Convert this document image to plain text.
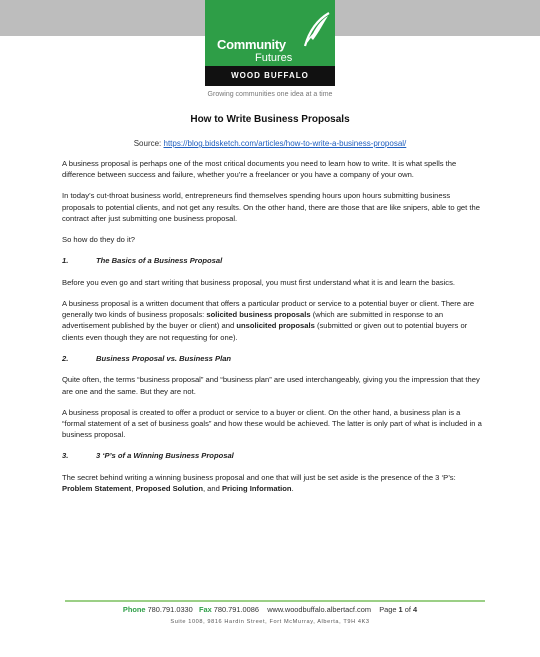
Community
Futures
WOOD BUFFALO
Growing communities one idea at a time
How to Write Business Proposals
Source: https://blog.bidsketch.com/articles/how-to-write-a-business-proposal/

A business proposal is perhaps one of the most critical documents you need to learn how to write. It is what spells the difference between success and failure, whether you’re a freelancer or you have a company of your own.

In today’s cut-throat business world, entrepreneurs find themselves spending hours upon hours submitting business proposals to potential clients, and not get any results. On the other hand, there are those that are like snipers, able to get the contract after just submitting one business proposal.

So how do they do it?

1.	The Basics of a Business Proposal

Before you even go and start writing that business proposal, you must first understand what it is and learn the basics.

A business proposal is a written document that offers a particular product or service to a potential buyer or client. There are generally two kinds of business proposals: solicited business proposals (which are submitted in response to an advertisement published by the buyer or client) and unsolicited proposals (submitted or given out to potential buyers or clients even though they are not requesting for one).

2.	Business Proposal vs. Business Plan

Quite often, the terms “business proposal” and “business plan” are used interchangeably, giving you the impression that they are one and the same. But they are not.

A business proposal is created to offer a product or service to a buyer or client. On the other hand, a business plan is a “formal statement of a set of business goals” and how these would be achieved. The latter is only part of what is included in a business proposal.

3.	3 ‘P’s of a Winning Business Proposal

The secret behind writing a winning business proposal and one that will just be set aside is the presence of the 3 ‘P’s: Problem Statement, Proposed Solution, and Pricing Information.

Phone 780.791.0330 Fax 780.791.0086 www.woodbuffalo.albertacf.com Page 1 of 4
Suite 1008, 9816 Hardin Street, Fort McMurray, Alberta, T9H 4K3
